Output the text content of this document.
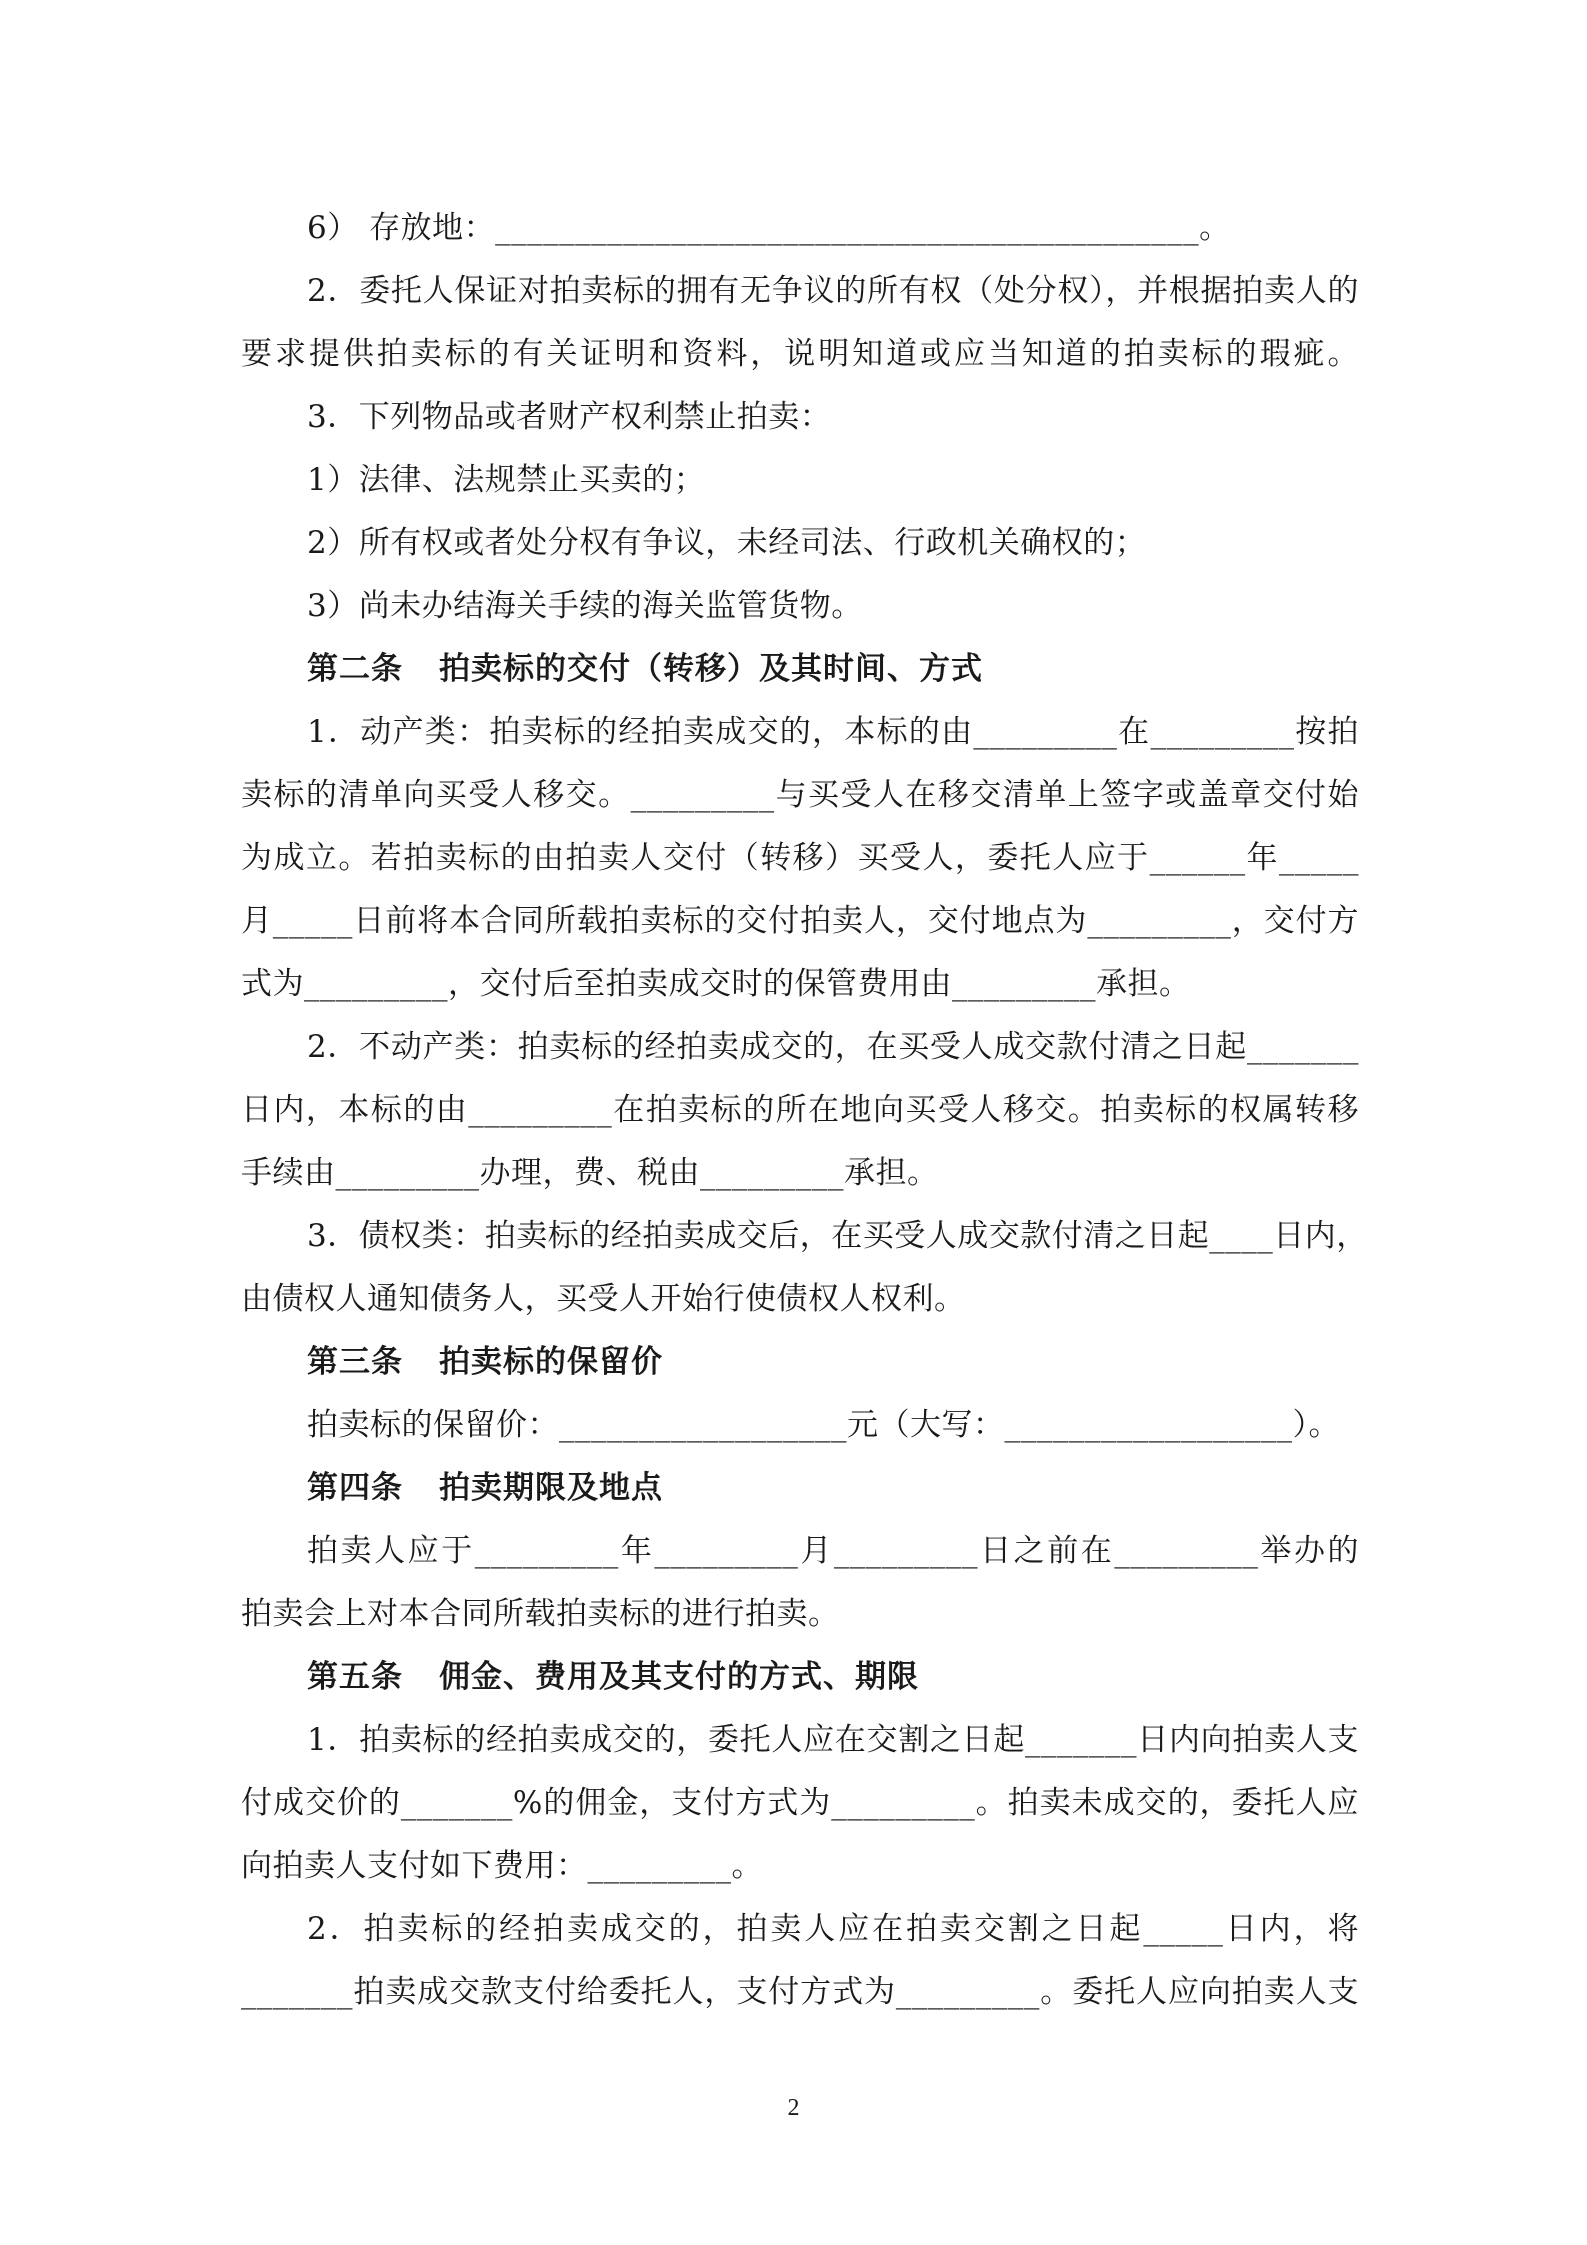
6） 存放地：____________________________________________。
2．委托人保证对拍卖标的拥有无争议的所有权（处分权），并根据拍卖人的
要求提供拍卖标的有关证明和资料，说明知道或应当知道的拍卖标的瑕疵。
3．下列物品或者财产权利禁止拍卖：
1）法律、法规禁止买卖的；
2）所有权或者处分权有争议，未经司法、行政机关确权的；
3）尚未办结海关手续的海关监管货物。
第二条 拍卖标的交付（转移）及其时间、方式
1．动产类：拍卖标的经拍卖成交的，本标的由_________在_________按拍
卖标的清单向买受人移交。_________与买受人在移交清单上签字或盖章交付始
为成立。若拍卖标的由拍卖人交付（转移）买受人，委托人应于______年_____
月_____日前将本合同所载拍卖标的交付拍卖人，交付地点为_________，交付方
式为_________，交付后至拍卖成交时的保管费用由_________承担。
2．不动产类：拍卖标的经拍卖成交的，在买受人成交款付清之日起_______
日内，本标的由_________在拍卖标的所在地向买受人移交。拍卖标的权属转移
手续由_________办理，费、税由_________承担。
3．债权类：拍卖标的经拍卖成交后，在买受人成交款付清之日起____日内，
由债权人通知债务人，买受人开始行使债权人权利。
第三条 拍卖标的保留价
拍卖标的保留价：__________________元（大写：__________________）。
第四条 拍卖期限及地点
拍卖人应于_________年_________月_________日之前在_________举办的
拍卖会上对本合同所载拍卖标的进行拍卖。
第五条 佣金、费用及其支付的方式、期限
1．拍卖标的经拍卖成交的，委托人应在交割之日起_______日内向拍卖人支
付成交价的_______%的佣金，支付方式为_________。拍卖未成交的，委托人应
向拍卖人支付如下费用：_________。
2．拍卖标的经拍卖成交的，拍卖人应在拍卖交割之日起_____日内，将
_______拍卖成交款支付给委托人，支付方式为_________。委托人应向拍卖人支
2
